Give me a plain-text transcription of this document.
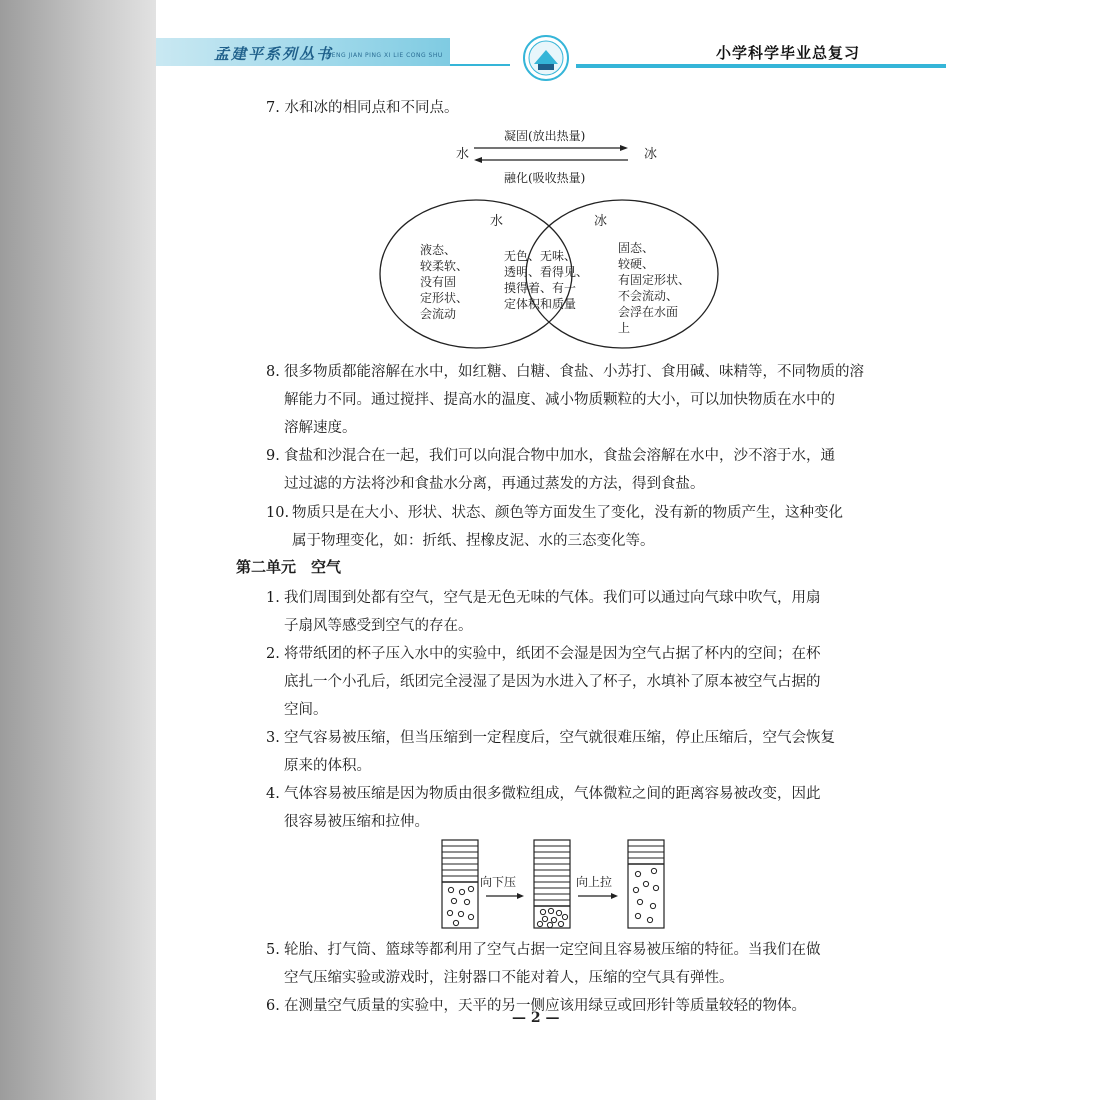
孟建平系列丛书
MENG JIAN PING XI LIE CONG SHU	小学科学毕业总复习
7. 水和冰的相同点和不同点。
凝固(放出热量)
水	冰
融化(吸收热量)
水	冰
液态、
较柔软、
没有固
定形状、
会流动
无色、无味、
透明、看得见、
摸得着、有一
定体积和质量
固态、
较硬、
有固定形状、
不会流动、
会浮在水面
上
8. 很多物质都能溶解在水中，如红糖、白糖、食盐、小苏打、食用碱、味精等，不同物质的溶
解能力不同。通过搅拌、提高水的温度、减小物质颗粒的大小，可以加快物质在水中的
溶解速度。
9. 食盐和沙混合在一起，我们可以向混合物中加水，食盐会溶解在水中，沙不溶于水，通
过过滤的方法将沙和食盐水分离，再通过蒸发的方法，得到食盐。
10. 物质只是在大小、形状、状态、颜色等方面发生了变化，没有新的物质产生，这种变化
属于物理变化，如：折纸、捏橡皮泥、水的三态变化等。
第二单元　空气
1. 我们周围到处都有空气，空气是无色无味的气体。我们可以通过向气球中吹气，用扇
子扇风等感受到空气的存在。
2. 将带纸团的杯子压入水中的实验中，纸团不会湿是因为空气占据了杯内的空间；在杯
底扎一个小孔后，纸团完全浸湿了是因为水进入了杯子，水填补了原本被空气占据的
空间。
3. 空气容易被压缩，但当压缩到一定程度后，空气就很难压缩，停止压缩后，空气会恢复
原来的体积。
4. 气体容易被压缩是因为物质由很多微粒组成，气体微粒之间的距离容易被改变，因此
很容易被压缩和拉伸。
向下压	向上拉
5. 轮胎、打气筒、篮球等都利用了空气占据一定空间且容易被压缩的特征。当我们在做
空气压缩实验或游戏时，注射器口不能对着人，压缩的空气具有弹性。
6. 在测量空气质量的实验中，天平的另一侧应该用绿豆或回形针等质量较轻的物体。
— 2 —
